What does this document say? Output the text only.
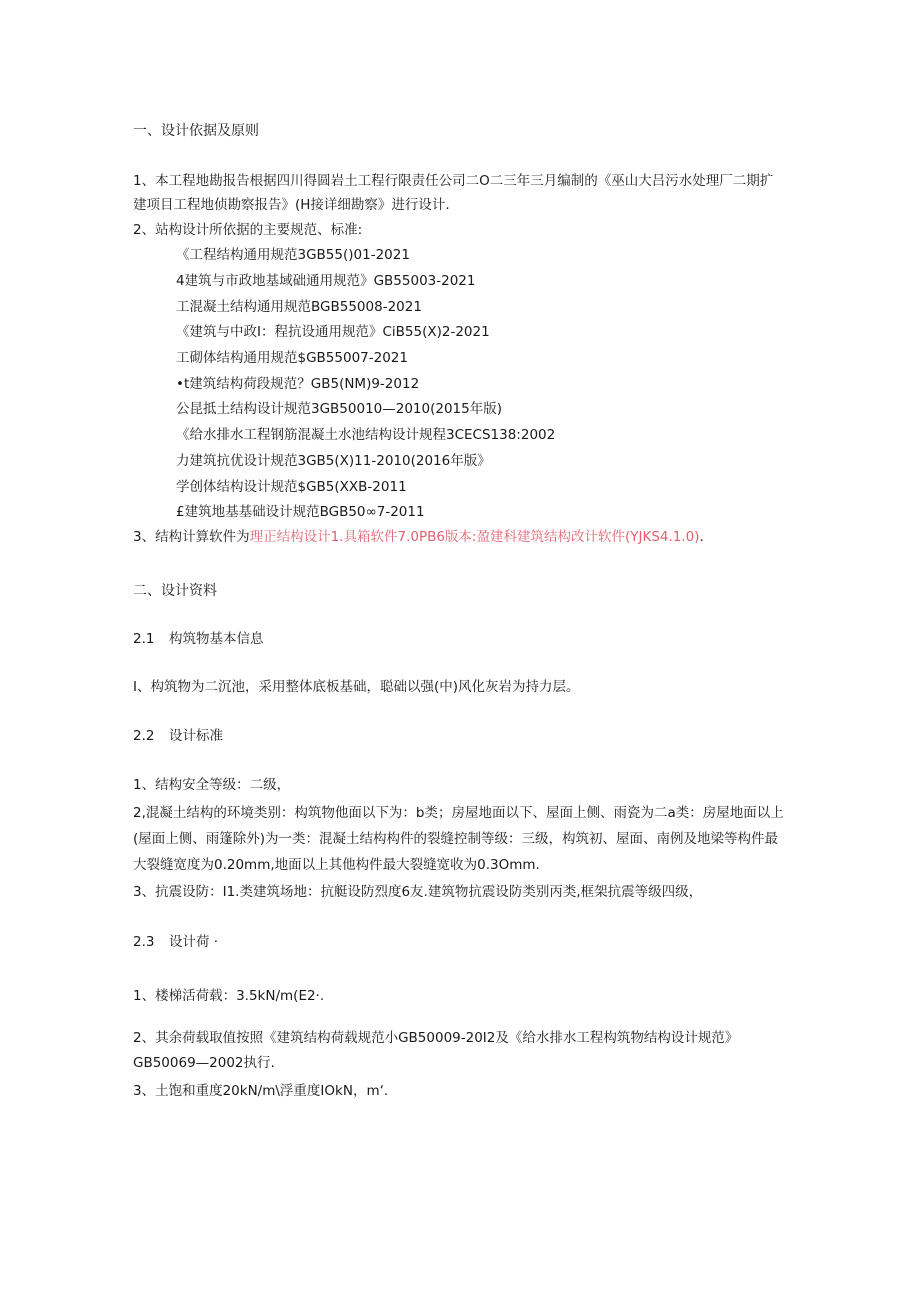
一、设计依据及原则
1、本工程地勘报告根据四川得圆岩土工程行限责任公司二O二三年三月编制的《巫山大吕污水处理厂二期扩
建项目工程地侦勘察报告》(H接详细勘察》进行设计.
2、站构设计所依据的主要规范、标准:
《工程结构通用规范3GB55()01-2021
4建筑与市政地基域础通用规范》GB55003-2021
工混凝土结构通用规范BGB55008-2021
《建筑与中政I：程抗设通用规范》CiB55(X)2-2021
工砌体结构通用规范$GB55007-2021
•t建筑结构荷段规范？GB5(NM)9-2012
公昆抵土结构设计规范3GB50010—2010(2015年版)
《给水排水工程钢筋混凝土水池结构设计规程3CECS138:2002
力建筑抗优设计规范3GB5(X)11-2010(2016年版》
学创体结构设计规范$GB5(XXB-2011
£建筑地基基础设计规范BGB50∞7-2011
3、结构计算软件为理正结构设计1.具箱软件7.0PB6版本:盈建科建筑结构改计软件(YJKS4.1.0).
二、设计资料
2.1 构筑物基本信息
I、构筑物为二沉池，采用整体底板基础，聪础以强(中)风化灰岩为持力层。
2.2 设计标准
1、结构安全等级：二级，
2,混凝土结构的环境类别：构筑物他面以下为：b类；房屋地面以下、屋面上侧、雨瓷为二a类：房屋地面以上
(屋面上侧、雨篷除外)为一类：混凝土结构构件的裂缝控制等级：三级，构筑初、屋面、南例及地梁等构件最
大裂缝宽度为0.20mm,地面以上其他构件最大裂缝宽收为0.3Omm.
3、抗震设防：I1.类建筑场地：抗艇设防烈度6友.建筑物抗震设防类别丙类,框架抗震等级四级，
2.3 设计荷 ·
1、楼梯活荷载：3.5kN∕m(E2·.
2、其余荷载取值按照《建筑结构荷载规范小GB50009-20I2及《给水排水工程构筑物结构设计规范》
GB50069—2002执行.
3、土饱和重度20kN∕m\浮重度IOkN，m‘.
